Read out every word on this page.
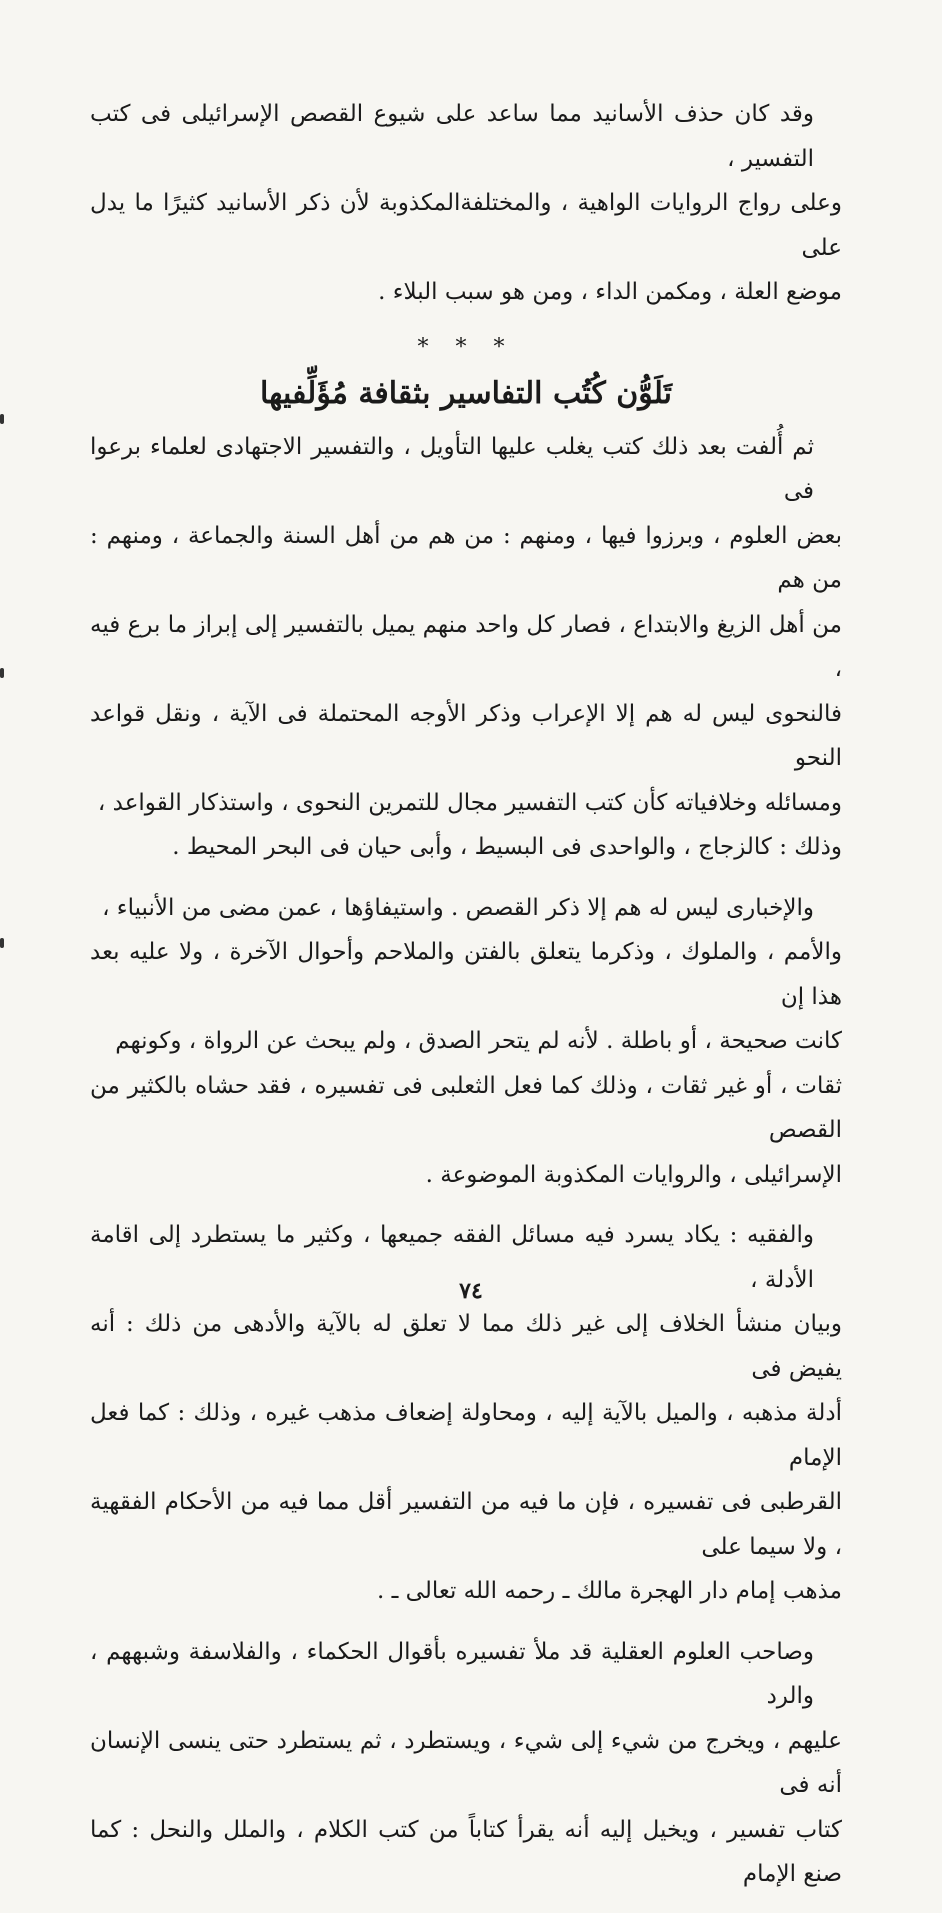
وقد كان حذف الأسانيد مما ساعد على شيوع القصص الإسرائيلى فى كتب التفسير ،
وعلى رواج الروايات الواهية ، والمختلفةالمكذوبة لأن ذكر الأسانيد كثيرًا ما يدل على
موضع العلة ، ومكمن الداء ، ومن هو سبب البلاء .
* * *
تَلَوُّن كُتُب التفاسير بثقافة مُؤَلِّفيها
ثم أُلفت بعد ذلك كتب يغلب عليها التأويل ، والتفسير الاجتهادى لعلماء برعوا فى
بعض العلوم ، وبرزوا فيها ، ومنهم : من هم من أهل السنة والجماعة ، ومنهم : من هم
من أهل الزيغ والابتداع ، فصار كل واحد منهم يميل بالتفسير إلى إبراز ما برع فيه ،
فالنحوى ليس له هم إلا الإعراب وذكر الأوجه المحتملة فى الآية ، ونقل قواعد النحو
ومسائله وخلافياته كأن كتب التفسير مجال للتمرين النحوى ، واستذكار القواعد ،
وذلك : كالزجاج ، والواحدى فى البسيط ، وأبى حيان فى البحر المحيط .
والإخبارى ليس له هم إلا ذكر القصص . واستيفاؤها ، عمن مضى من الأنبياء ،
والأمم ، والملوك ، وذكرما يتعلق بالفتن والملاحم وأحوال الآخرة ، ولا عليه بعد هذا إن
كانت صحيحة ، أو باطلة . لأنه لم يتحر الصدق ، ولم يبحث عن الرواة ، وكونهم
ثقات ، أو غير ثقات ، وذلك كما فعل الثعلبى فى تفسيره ، فقد حشاه بالكثير من القصص
الإسرائيلى ، والروايات المكذوبة الموضوعة .
والفقيه : يكاد يسرد فيه مسائل الفقه جميعها ، وكثير ما يستطرد إلى اقامة الأدلة ،
وبيان منشأ الخلاف إلى غير ذلك مما لا تعلق له بالآية والأدهى من ذلك : أنه يفيض فى
أدلة مذهبه ، والميل بالآية إليه ، ومحاولة إضعاف مذهب غيره ، وذلك : كما فعل الإمام
القرطبى فى تفسيره ، فإن ما فيه من التفسير أقل مما فيه من الأحكام الفقهية ، ولا سيما على
مذهب إمام دار الهجرة مالك ـ رحمه الله تعالى ـ .
وصاحب العلوم العقلية قد ملأ تفسيره بأقوال الحكماء ، والفلاسفة وشبههم ، والرد
عليهم ، ويخرج من شيء إلى شيء ، ويستطرد ، ثم يستطرد حتى ينسى الإنسان أنه فى
كتاب تفسير ، ويخيل إليه أنه يقرأ كتاباً من كتب الكلام ، والملل والنحل : كما صنع الإمام
٧٤
